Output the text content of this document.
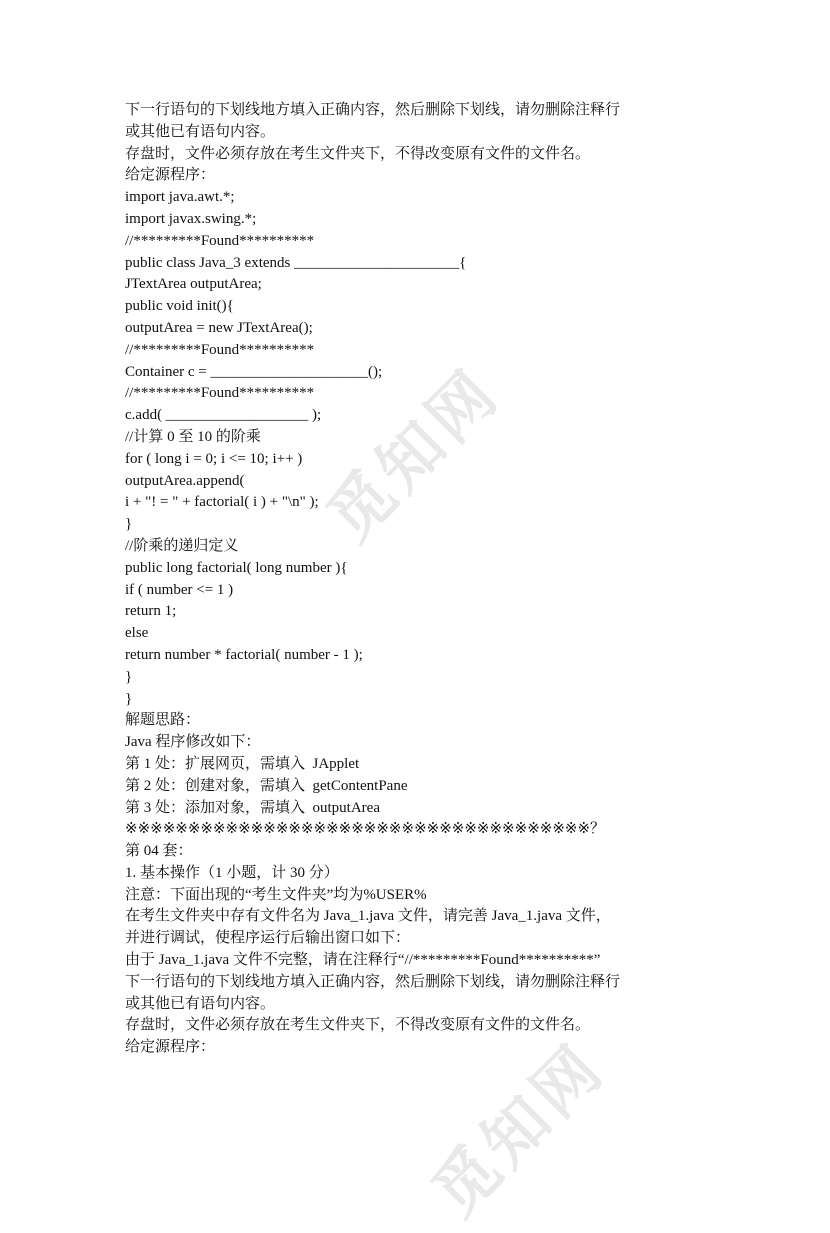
觅知网
觅知网
下一行语句的下划线地方填入正确内容，然后删除下划线，请勿删除注释行
或其他已有语句内容。
存盘时，文件必须存放在考生文件夹下，不得改变原有文件的文件名。
给定源程序：
import java.awt.*;
import javax.swing.*;
//*********Found**********
public class Java_3 extends ______________________{
JTextArea outputArea;
public void init(){
outputArea = new JTextArea();
//*********Found**********
Container c = _____________________();
//*********Found**********
c.add( ___________________ );
//计算 0 至 10 的阶乘
for ( long i = 0; i <= 10; i++ )
outputArea.append(
i + "! = " + factorial( i ) + "\n" );
}
//阶乘的递归定义
public long factorial( long number ){
if ( number <= 1 )
return 1;
else
return number * factorial( number - 1 );
}
}
解题思路：
Java 程序修改如下：
第 1 处：扩展网页，需填入  JApplet
第 2 处：创建对象，需填入  getContentPane
第 3 处：添加对象，需填入  outputArea
※※※※※※※※※※※※※※※※※※※※※※※※※※※※※※※※※※※※※？
第 04 套：
1. 基本操作（1 小题，计 30 分）
注意：下面出现的“考生文件夹”均为%USER%
在考生文件夹中存有文件名为 Java_1.java 文件，请完善 Java_1.java 文件，
并进行调试，使程序运行后输出窗口如下：
由于 Java_1.java 文件不完整，请在注释行“//*********Found**********”
下一行语句的下划线地方填入正确内容，然后删除下划线，请勿删除注释行
或其他已有语句内容。
存盘时，文件必须存放在考生文件夹下，不得改变原有文件的文件名。
给定源程序：
